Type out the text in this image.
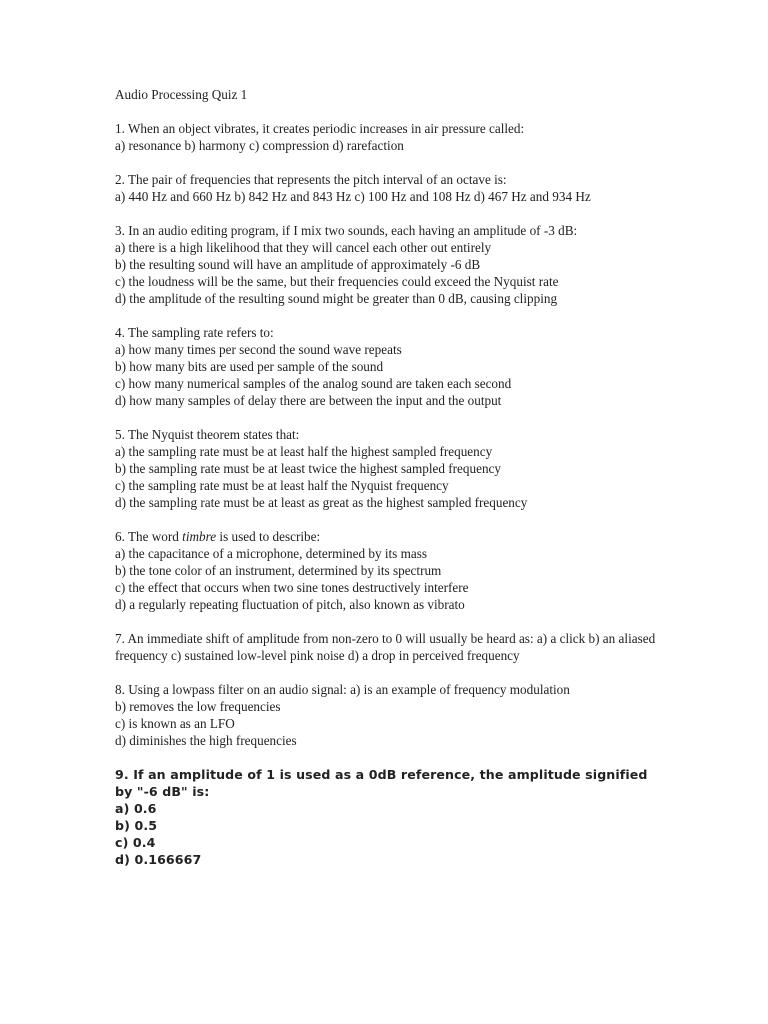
Audio Processing Quiz 1

1. When an object vibrates, it creates periodic increases in air pressure called:

a) resonance b) harmony c) compression d) rarefaction

2. The pair of frequencies that represents the pitch interval of an octave is:

a) 440 Hz and 660 Hz b) 842 Hz and 843 Hz c) 100 Hz and 108 Hz d) 467 Hz and 934 Hz

3. In an audio editing program, if I mix two sounds, each having an amplitude of -3 dB:

a) there is a high likelihood that they will cancel each other out entirely

b) the resulting sound will have an amplitude of approximately -6 dB

c) the loudness will be the same, but their frequencies could exceed the Nyquist rate

d) the amplitude of the resulting sound might be greater than 0 dB, causing clipping

4. The sampling rate refers to:

a) how many times per second the sound wave repeats

b) how many bits are used per sample of the sound

c) how many numerical samples of the analog sound are taken each second

d) how many samples of delay there are between the input and the output

5. The Nyquist theorem states that:

a) the sampling rate must be at least half the highest sampled frequency

b) the sampling rate must be at least twice the highest sampled frequency

c) the sampling rate must be at least half the Nyquist frequency

d) the sampling rate must be at least as great as the highest sampled frequency

6. The word timbre is used to describe:

a) the capacitance of a microphone, determined by its mass

b) the tone color of an instrument, determined by its spectrum

c) the effect that occurs when two sine tones destructively interfere

d) a regularly repeating fluctuation of pitch, also known as vibrato

7. An immediate shift of amplitude from non-zero to 0 will usually be heard as: a) a click b) an aliased frequency c) sustained low-level pink noise d) a drop in perceived frequency

8. Using a lowpass filter on an audio signal: a) is an example of frequency modulation

b) removes the low frequencies

c) is known as an LFO

d) diminishes the high frequencies

9. If an amplitude of 1 is used as a 0dB reference, the amplitude signified by "-6 dB" is:

a) 0.6

b) 0.5

c) 0.4

d) 0.166667
